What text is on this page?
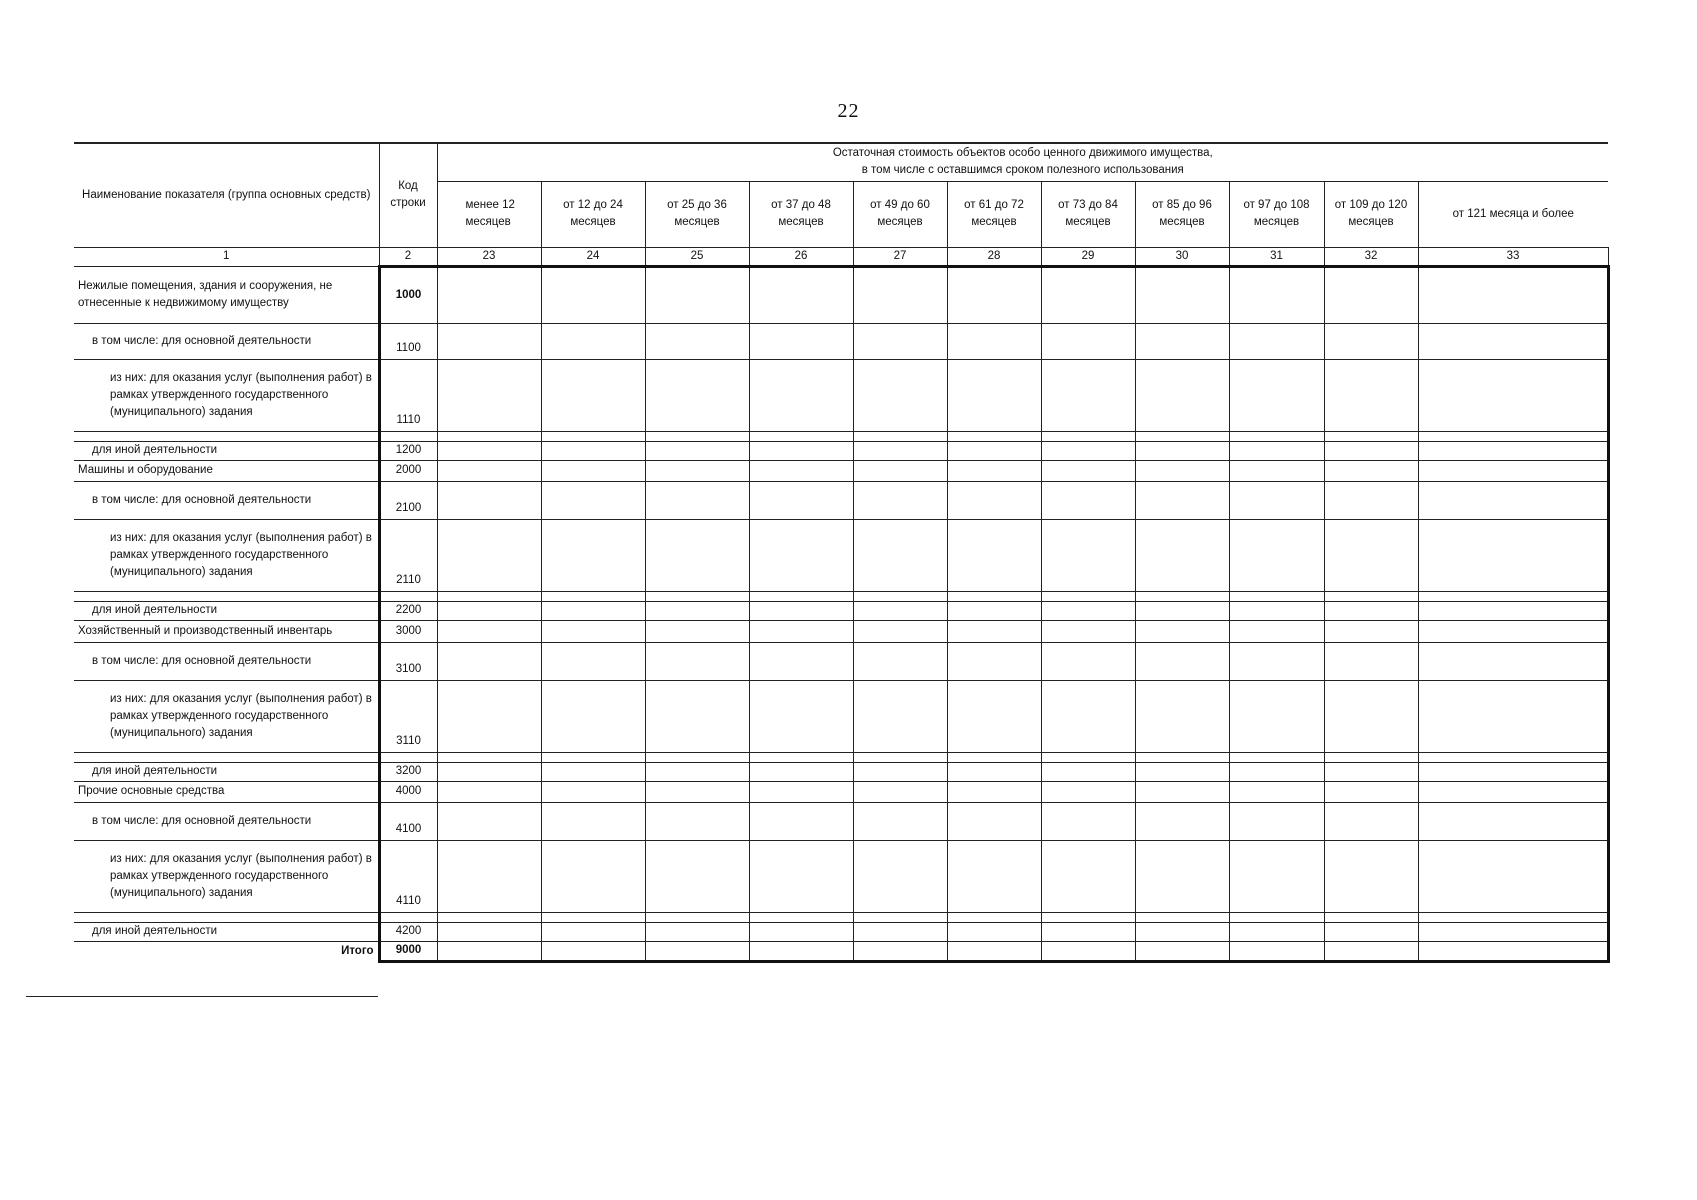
22
Наименование показателя (группа основных средств)	Код строки	Остаточная стоимость объектов особо ценного движимого имущества,
в том числе с оставшимся сроком полезного использования										

		менее 12 месяцев	от 12 до 24 месяцев	от 25 до 36 месяцев	от 37 до 48 месяцев	от 49 до 60 месяцев	от 61 до 72 месяцев	от 73 до 84 месяцев	от 85 до 96 месяцев	от 97 до 108 месяцев	от 109 до 120 месяцев	от 121 месяца и более
1	2	23	24	25	26	27	28	29	30	31	32	33
Нежилые помещения, здания и сооружения, не отнесенные к недвижимому имуществу	1000											
в том числе: для основной деятельности	1100											
из них: для оказания услуг (выполнения работ) в рамках утвержденного государственного (муниципального) задания	1110											

для иной деятельности	1200											
Машины и оборудование	2000											
в том числе: для основной деятельности	2100											
из них: для оказания услуг (выполнения работ) в рамках утвержденного государственного (муниципального) задания	2110											

для иной деятельности	2200											
Хозяйственный и производственный инвентарь	3000											
в том числе: для основной деятельности	3100											
из них: для оказания услуг (выполнения работ) в рамках утвержденного государственного (муниципального) задания	3110											

для иной деятельности	3200											
Прочие основные средства	4000											
в том числе: для основной деятельности	4100											
из них: для оказания услуг (выполнения работ) в рамках утвержденного государственного (муниципального) задания	4110											

для иной деятельности	4200											
Итого	9000											
